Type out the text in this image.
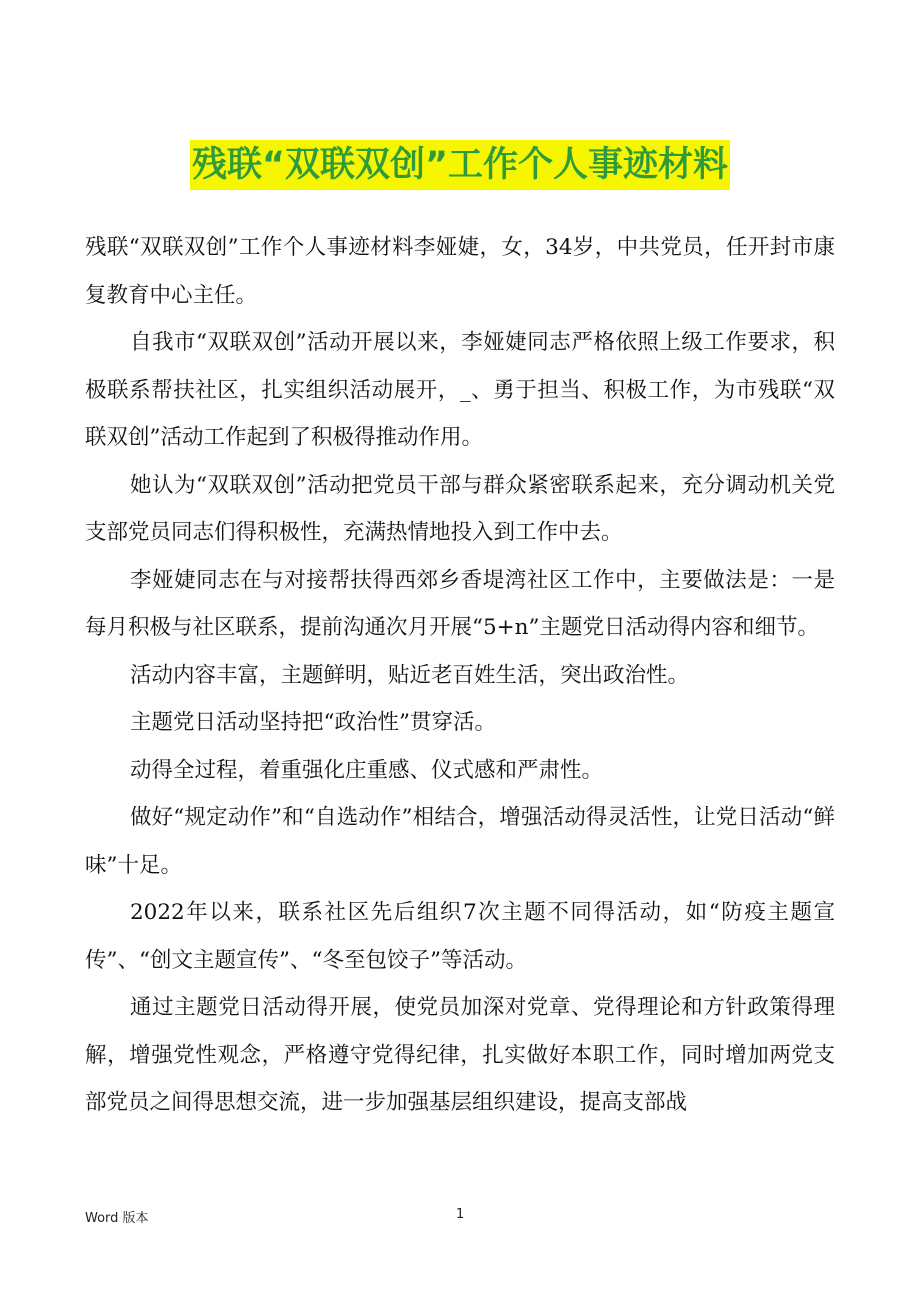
残联“双联双创”工作个人事迹材料

残联“双联双创”工作个人事迹材料李娅婕，女，34岁，中共党员，任开封市康复教育中心主任。

自我市“双联双创”活动开展以来，李娅婕同志严格依照上级工作要求，积极联系帮扶社区，扎实组织活动展开，_、勇于担当、积极工作，为市残联“双联双创”活动工作起到了积极得推动作用。

她认为“双联双创”活动把党员干部与群众紧密联系起来，充分调动机关党支部党员同志们得积极性，充满热情地投入到工作中去。

李娅婕同志在与对接帮扶得西郊乡香堤湾社区工作中，主要做法是：一是每月积极与社区联系，提前沟通次月开展“5+n”主题党日活动得内容和细节。

活动内容丰富，主题鲜明，贴近老百姓生活，突出政治性。

主题党日活动坚持把“政治性”贯穿活。

动得全过程，着重强化庄重感、仪式感和严肃性。

做好“规定动作”和“自选动作”相结合，增强活动得灵活性，让党日活动“鲜味”十足。

2022年以来，联系社区先后组织7次主题不同得活动，如“防疫主题宣传”、“创文主题宣传”、“冬至包饺子”等活动。

通过主题党日活动得开展，使党员加深对党章、党得理论和方针政策得理解，增强党性观念，严格遵守党得纪律，扎实做好本职工作，同时增加两党支部党员之间得思想交流，进一步加强基层组织建设，提高支部战

Word 版本	1
